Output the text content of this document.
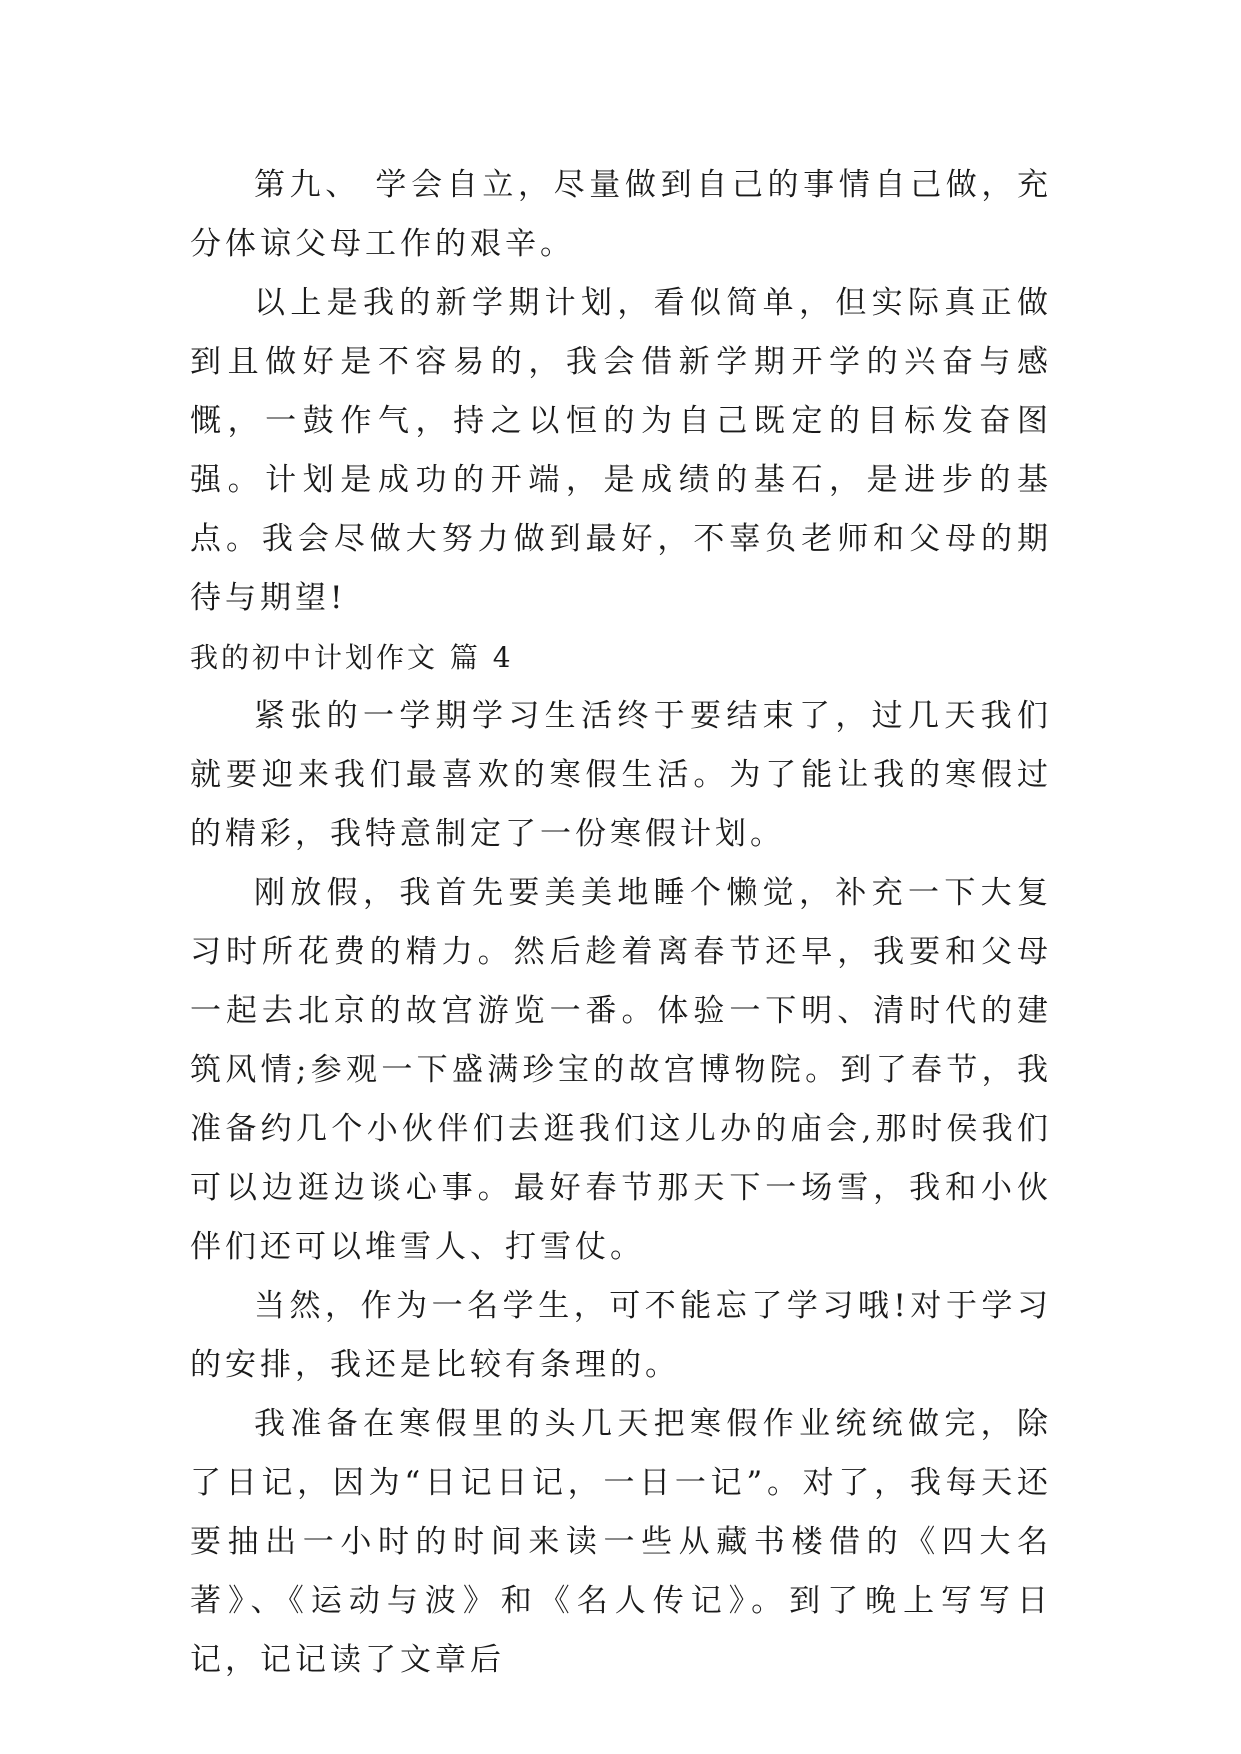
第九、 学会自立，尽量做到自己的事情自己做，充分体谅父母工作的艰辛。

以上是我的新学期计划，看似简单，但实际真正做到且做好是不容易的，我会借新学期开学的兴奋与感慨，一鼓作气，持之以恒的为自己既定的目标发奋图强。计划是成功的开端，是成绩的基石，是进步的基点。我会尽做大努力做到最好，不辜负老师和父母的期待与期望!

我的初中计划作文 篇 4

紧张的一学期学习生活终于要结束了，过几天我们就要迎来我们最喜欢的寒假生活。为了能让我的寒假过的精彩，我特意制定了一份寒假计划。

刚放假，我首先要美美地睡个懒觉，补充一下大复习时所花费的精力。然后趁着离春节还早，我要和父母一起去北京的故宫游览一番。体验一下明、清时代的建筑风情;参观一下盛满珍宝的故宫博物院。到了春节，我准备约几个小伙伴们去逛我们这儿办的庙会,那时侯我们可以边逛边谈心事。最好春节那天下一场雪，我和小伙伴们还可以堆雪人、打雪仗。

当然，作为一名学生，可不能忘了学习哦!对于学习的安排，我还是比较有条理的。

我准备在寒假里的头几天把寒假作业统统做完，除了日记，因为“日记日记，一日一记”。对了，我每天还要抽出一小时的时间来读一些从藏书楼借的《四大名著》、《运动与波》和《名人传记》。到了晚上写写日记，记记读了文章后
